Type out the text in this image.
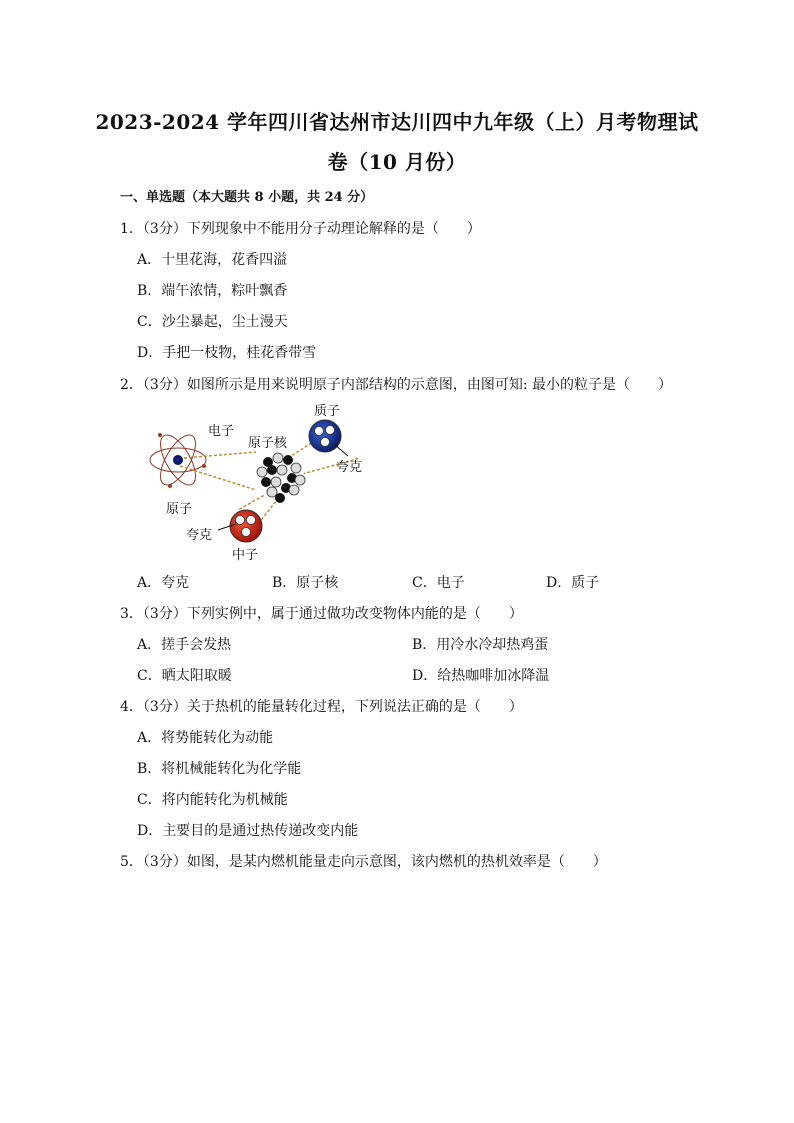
2023-2024 学年四川省达州市达川四中九年级（上）月考物理试
卷（10 月份）
一、单选题（本大题共 8 小题，共 24 分）
1．（3分）下列现象中不能用分子动理论解释的是（　　）
A．十里花海，花香四溢
B．端午浓情，粽叶飘香
C．沙尘暴起，尘土漫天
D．手把一枝物，桂花香带雪
2．（3分）如图所示是用来说明原子内部结构的示意图，由图可知: 最小的粒子是（　　）
电子
原子核
质子
夸克
原子
夸克
中子
A．夸克	B．原子核	C．电子	D．质子
3．（3分）下列实例中，属于通过做功改变物体内能的是（　　）
A．搓手会发热	B．用冷水冷却热鸡蛋
C．晒太阳取暖	D．给热咖啡加冰降温
4．（3分）关于热机的能量转化过程，下列说法正确的是（　　）
A．将势能转化为动能
B．将机械能转化为化学能
C．将内能转化为机械能
D．主要目的是通过热传递改变内能
5．（3分）如图，是某内燃机能量走向示意图，该内燃机的热机效率是（　　）
